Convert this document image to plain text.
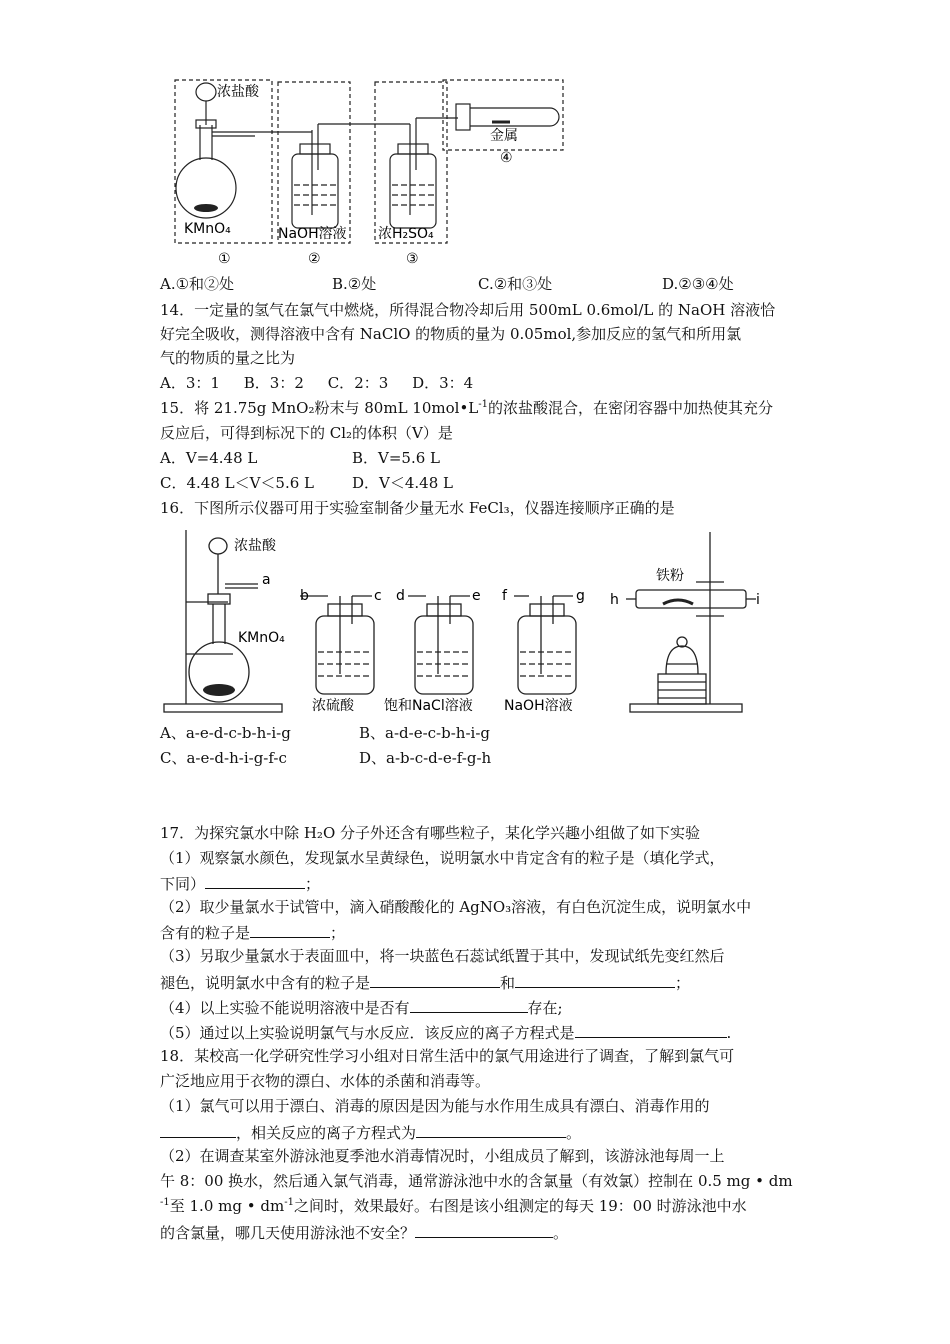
浓盐酸
KMnO₄	NaOH溶液 浓H₂SO₄
金属
④
①	②	③
A.①和②处	B.②处	C.②和③处	D.②③④处
14．一定量的氢气在氯气中燃烧，所得混合物冷却后用 500mL 0.6mol/L 的 NaOH 溶液恰
好完全吸收，测得溶液中含有 NaClO 的物质的量为 0.05mol,参加反应的氢气和所用氯
气的物质的量之比为
A．3：1     B．3：2     C．2：3     D．3：4
15．将 21.75g MnO₂粉末与 80mL $10mol•L^{-1}$的浓盐酸混合，在密闭容器中加热使其充分
反应后，可得到标况下的 Cl₂的体积（V）是
A．V=4.48 L	B．V=5.6 L
C．4.48 L＜V＜5.6 L	D．V＜4.48 L
16．下图所示仪器可用于实验室制备少量无水 FeCl₃，仪器连接顺序正确的是
浓盐酸
a
KMnO₄
b	c d	e f	g h	i
铁粉
浓硫酸 饱和NaCl溶液 NaOH溶液
A、a-e-d-c-b-h-i-g	B、a-d-e-c-b-h-i-g
C、a-e-d-h-i-g-f-c	D、a-b-c-d-e-f-g-h
17．为探究氯水中除 H₂O 分子外还含有哪些粒子，某化学兴趣小组做了如下实验
（1）观察氯水颜色，发现氯水呈黄绿色，说明氯水中肯定含有的粒子是（填化学式，
下同）	；
（2）取少量氯水于试管中，滴入硝酸酸化的 AgNO₃溶液，有白色沉淀生成，说明氯水中
含有的粒子是	；
（3）另取少量氯水于表面皿中，将一块蓝色石蕊试纸置于其中，发现试纸先变红然后
褪色，说明氯水中含有的粒子是	和	；
（4）以上实验不能说明溶液中是否有	存在;
（5）通过以上实验说明氯气与水反应．该反应的离子方程式是	.
18．某校高一化学研究性学习小组对日常生活中的氯气用途进行了调查，了解到氯气可
广泛地应用于衣物的漂白、水体的杀菌和消毒等。
（1）氯气可以用于漂白、消毒的原因是因为能与水作用生成具有漂白、消毒作用的
，相关反应的离子方程式为	。
（2）在调查某室外游泳池夏季池水消毒情况时，小组成员了解到，该游泳池每周一上
午 8：00 换水，然后通入氯气消毒，通常游泳池中水的含氯量（有效氯）控制在 0.5 mg • dm
$^{-1}$至 1.0 mg • $dm^{-1}$之间时，效果最好。右图是该小组测定的每天 19：00 时游泳池中水
的含氯量，哪几天使用游泳池不安全？	。
